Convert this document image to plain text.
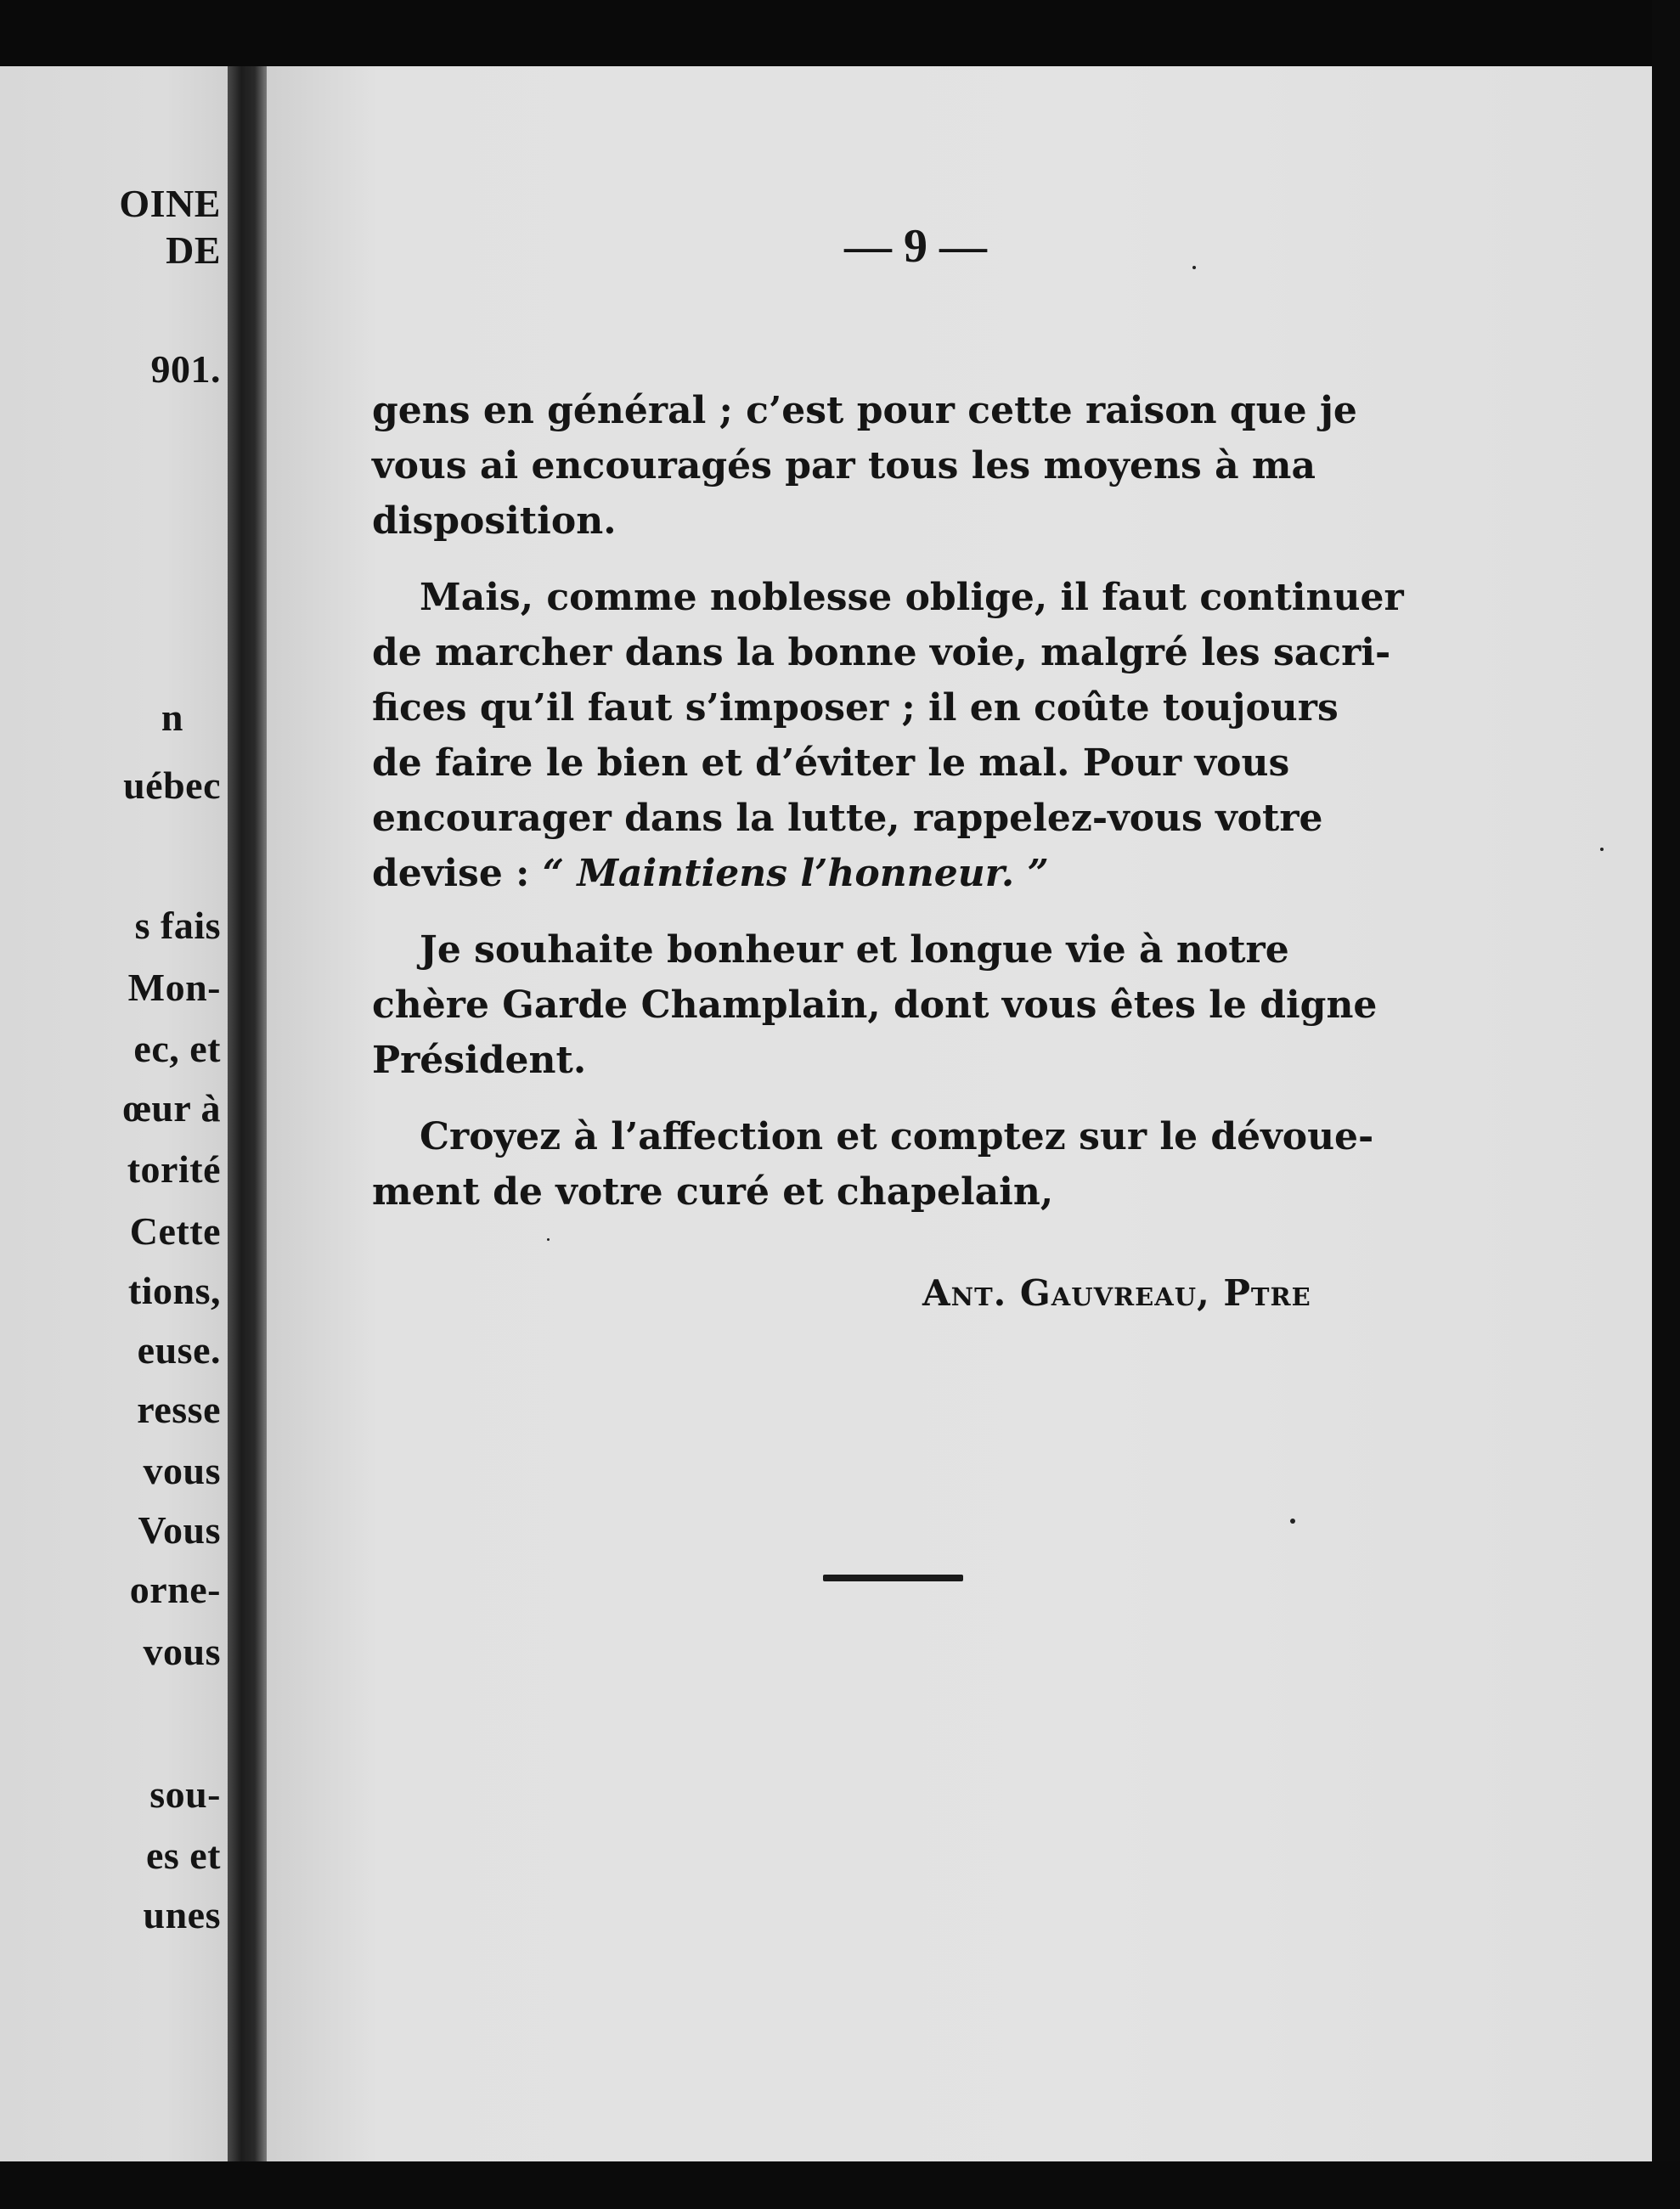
OINE
DE
901.
n
uébec
s fais
Mon-
ec, et
œur à
torité
Cette
tions,
euse.
resse
vous
Vous
orne-
vous
sou-
es et
unes
— 9 —
gens en général ; c’est pour cette raison que je
vous ai encouragés par tous les moyens à ma
disposition.
Mais, comme noblesse oblige, il faut continuer
de marcher dans la bonne voie, malgré les sacri-
fices qu’il faut s’imposer ; il en coûte toujours
de faire le bien et d’éviter le mal. Pour vous
encourager dans la lutte, rappelez-vous votre
devise : “ Maintiens l’honneur. ”
Je souhaite bonheur et longue vie à notre
chère Garde Champlain, dont vous êtes le digne
Président.
Croyez à l’affection et comptez sur le dévoue-
ment de votre curé et chapelain,
Ant. Gauvreau, Ptre
